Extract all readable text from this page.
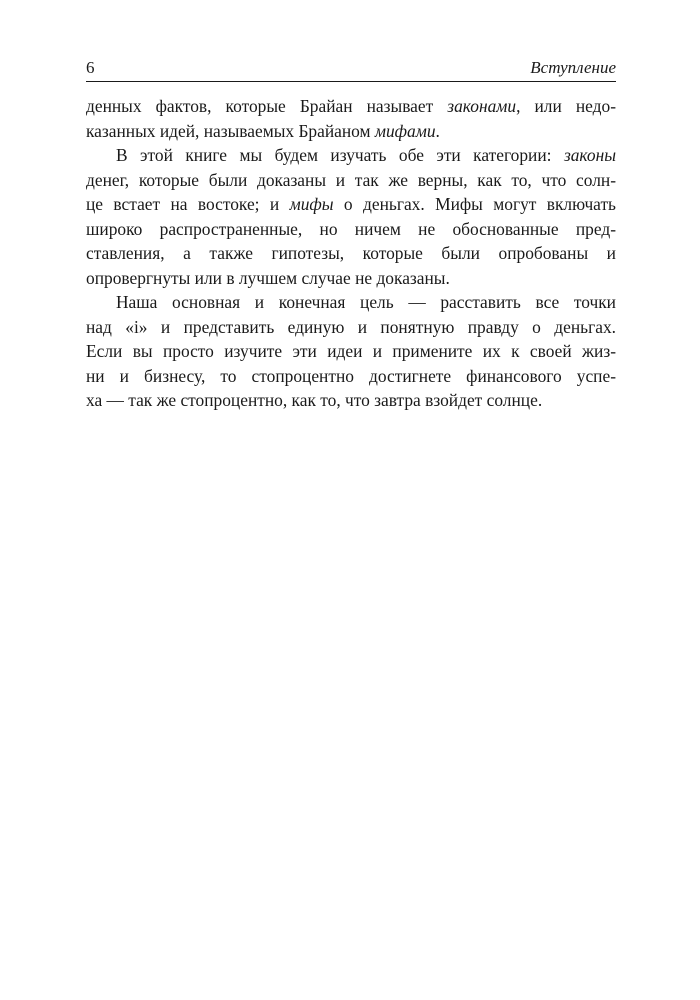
6	Вступление
денных фактов, которые Брайан называет законами, или недо-
казанных идей, называемых Брайаном мифами.
В этой книге мы будем изучать обе эти категории: законы
денег, которые были доказаны и так же верны, как то, что солн-
це встает на востоке; и мифы о деньгах. Мифы могут включать
широко распространенные, но ничем не обоснованные пред-
ставления, а также гипотезы, которые были опробованы и
опровергнуты или в лучшем случае не доказаны.
Наша основная и конечная цель — расставить все точки
над «i» и представить единую и понятную правду о деньгах.
Если вы просто изучите эти идеи и примените их к своей жиз-
ни и бизнесу, то стопроцентно достигнете финансового успе-
ха — так же стопроцентно, как то, что завтра взойдет солнце.
